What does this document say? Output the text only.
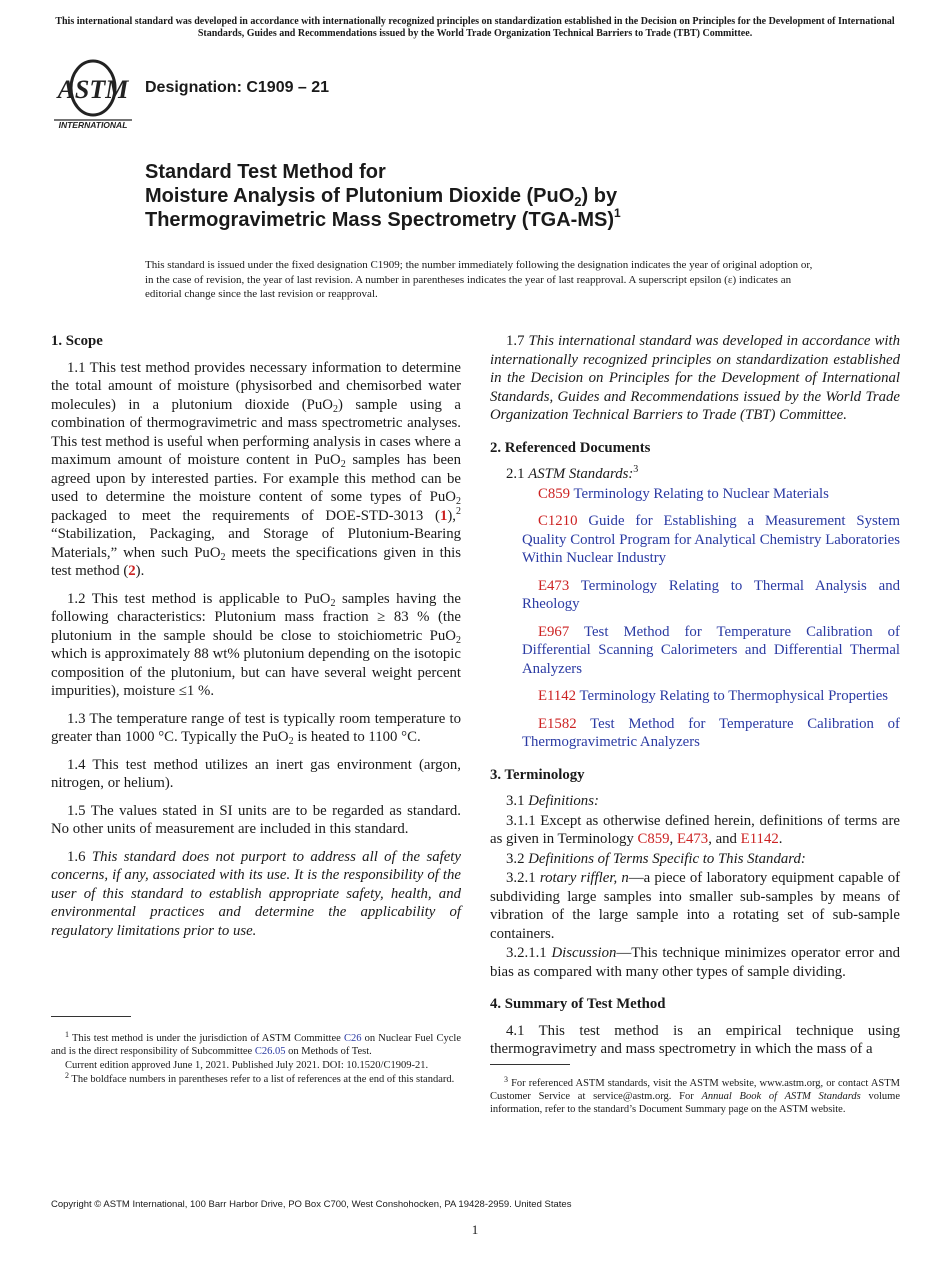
This international standard was developed in accordance with internationally recognized principles on standardization established in the Decision on Principles for the Development of International Standards, Guides and Recommendations issued by the World Trade Organization Technical Barriers to Trade (TBT) Committee.
ASTM
INTERNATIONAL
Designation: C1909 – 21
Standard Test Method for
Moisture Analysis of Plutonium Dioxide (PuO$_2$) by
Thermogravimetric Mass Spectrometry $(TGA-MS)^1$
This standard is issued under the fixed designation C1909; the number immediately following the designation indicates the year of original adoption or, in the case of revision, the year of last revision. A number in parentheses indicates the year of last reapproval. A superscript epsilon (ε) indicates an editorial change since the last revision or reapproval.
1. Scope

1.1 This test method provides necessary information to determine the total amount of moisture (physisorbed and chemisorbed water molecules) in a plutonium dioxide (PuO$_2$) sample using a combination of thermogravimetric and mass spectrometric analyses. This test method is useful when performing analysis in cases where a maximum amount of moisture content in PuO$_2$ samples has been agreed upon by interested parties. For example this method can be used to determine the moisture content of some types of PuO$_2$ packaged to meet the requirements of DOE-STD-3013 (1),$^2$ “Stabilization, Packaging, and Storage of Plutonium-Bearing Materials,” when such PuO$_2$ meets the specifications given in this test method (2).

1.2 This test method is applicable to PuO$_2$ samples having the following characteristics: Plutonium mass fraction ≥ 83 % (the plutonium in the sample should be close to stoichiometric PuO$_2$ which is approximately 88 wt% plutonium depending on the isotopic composition of the plutonium, but can have several weight percent impurities), moisture ≤1 %.

1.3 The temperature range of test is typically room temperature to greater than 1000 °C. Typically the PuO$_2$ is heated to 1100 °C.

1.4 This test method utilizes an inert gas environment (argon, nitrogen, or helium).

1.5 The values stated in SI units are to be regarded as standard. No other units of measurement are included in this standard.

1.6 This standard does not purport to address all of the safety concerns, if any, associated with its use. It is the responsibility of the user of this standard to establish appropriate safety, health, and environmental practices and determine the applicability of regulatory limitations prior to use.

$^1$ This test method is under the jurisdiction of ASTM Committee C26 on Nuclear Fuel Cycle and is the direct responsibility of Subcommittee C26.05 on Methods of Test.

Current edition approved June 1, 2021. Published July 2021. DOI: 10.1520/C1909-21.

$^2$ The boldface numbers in parentheses refer to a list of references at the end of this standard.

1.7 This international standard was developed in accordance with internationally recognized principles on standardization established in the Decision on Principles for the Development of International Standards, Guides and Recommendations issued by the World Trade Organization Technical Barriers to Trade (TBT) Committee.

2. Referenced Documents

2.1 ASTM Standards:$^3$

C859 Terminology Relating to Nuclear Materials

C1210 Guide for Establishing a Measurement System Quality Control Program for Analytical Chemistry Laboratories Within Nuclear Industry

E473 Terminology Relating to Thermal Analysis and Rheology

E967 Test Method for Temperature Calibration of Differential Scanning Calorimeters and Differential Thermal Analyzers

E1142 Terminology Relating to Thermophysical Properties

E1582 Test Method for Temperature Calibration of Thermogravimetric Analyzers

3. Terminology

3.1 Definitions:

3.1.1 Except as otherwise defined herein, definitions of terms are as given in Terminology C859, E473, and E1142.

3.2 Definitions of Terms Specific to This Standard:

3.2.1 rotary riffler, n—a piece of laboratory equipment capable of subdividing large samples into smaller sub-samples by means of vibration of the large sample into a rotating set of sub-sample containers.

3.2.1.1 Discussion—This technique minimizes operator error and bias as compared with many other types of sample dividing.

4. Summary of Test Method

4.1 This test method is an empirical technique using thermogravimetry and mass spectrometry in which the mass of a

$^3$ For referenced ASTM standards, visit the ASTM website, www.astm.org, or contact ASTM Customer Service at service@astm.org. For Annual Book of ASTM Standards volume information, refer to the standard’s Document Summary page on the ASTM website.

Copyright © ASTM International, 100 Barr Harbor Drive, PO Box C700, West Conshohocken, PA 19428-2959. United States
1
